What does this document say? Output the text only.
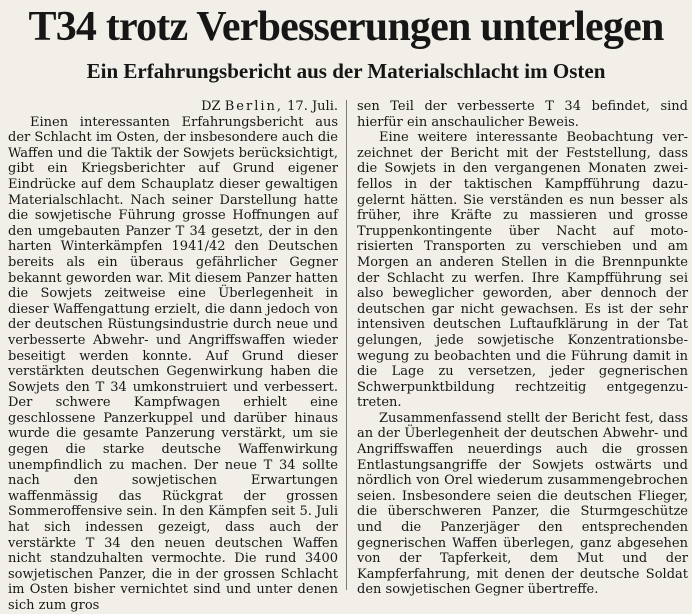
T34 trotz Verbesserungen unterlegen
Ein Erfahrungsbericht aus der Materialschlacht im Osten

DZ Berlin, 17. Juli.

Einen interessanten Erfahrungsbericht aus der Schlacht im Osten, der insbesondere auch die Waffen und die Taktik der Sowjets berücksichtigt, gibt ein Kriegsberichter auf Grund eigener Eindrücke auf dem Schauplatz dieser gewaltigen Materialschlacht. Nach seiner Darstellung hatte die sowjetische Führung grosse Hoffnungen auf den umgebauten Panzer T 34 gesetzt, der in den harten Winterkämpfen 1941/42 den Deutschen bereits als ein überaus gefährlicher Gegner bekannt geworden war. Mit diesem Panzer hatten die Sowjets zeitweise eine Überlegenheit in dieser Waffengattung erzielt, die dann jedoch von der deutschen Rüstungsindustrie durch neue und verbesserte Abwehr- und Angriffswaffen wieder beseitigt werden konnte. Auf Grund dieser verstärkten deutschen Gegenwirkung haben die Sowjets den T 34 umkonstruiert und verbessert. Der schwere Kampfwagen erhielt eine geschlossene Panzerkuppel und darüber hinaus wurde die gesamte Panzerung verstärkt, um sie gegen die starke deutsche Waffenwirkung unempfindlich zu machen. Der neue T 34 sollte nach den sowjetischen Erwartungen waffenmässig das Rückgrat der grossen Sommeroffensive sein. In den Kämpfen seit 5. Juli hat sich indessen gezeigt, dass auch der verstärkte T 34 den neuen deutschen Waffen nicht standzuhalten vermochte. Die rund 3400 sowjetischen Panzer, die in der grossen Schlacht im Osten bisher vernichtet sind und unter denen sich zum gros

sen Teil der verbesserte T 34 befindet, sind hierfür ein anschaulicher Beweis.

Eine weitere interessante Beobachtung verzeichnet der Bericht mit der Feststellung, dass die Sowjets in den vergangenen Monaten zweifellos in der taktischen Kampfführung dazugelernt hätten. Sie verständen es nun besser als früher, ihre Kräfte zu massieren und grosse Truppenkontingente über Nacht auf motorisierten Transporten zu verschieben und am Morgen an anderen Stellen in die Brennpunkte der Schlacht zu werfen. Ihre Kampfführung sei also beweglicher geworden, aber dennoch der deutschen gar nicht gewachsen. Es ist der sehr intensiven deutschen Luftaufklärung in der Tat gelungen, jede sowjetische Konzentrationsbewegung zu beobachten und die Führung damit in die Lage zu versetzen, jeder gegnerischen Schwerpunktbildung rechtzeitig entgegenzutreten.

Zusammenfassend stellt der Bericht fest, dass an der Überlegenheit der deutschen Abwehr- und Angriffswaffen neuerdings auch die grossen Entlastungsangriffe der Sowjets ostwärts und nördlich von Orel wiederum zusammengebrochen seien. Insbesondere seien die deutschen Flieger, die überschweren Panzer, die Sturmgeschütze und die Panzerjäger den entsprechenden gegnerischen Waffen überlegen, ganz abgesehen von der Tapferkeit, dem Mut und der Kampferfahrung, mit denen der deutsche Soldat den sowjetischen Gegner übertreffe.
